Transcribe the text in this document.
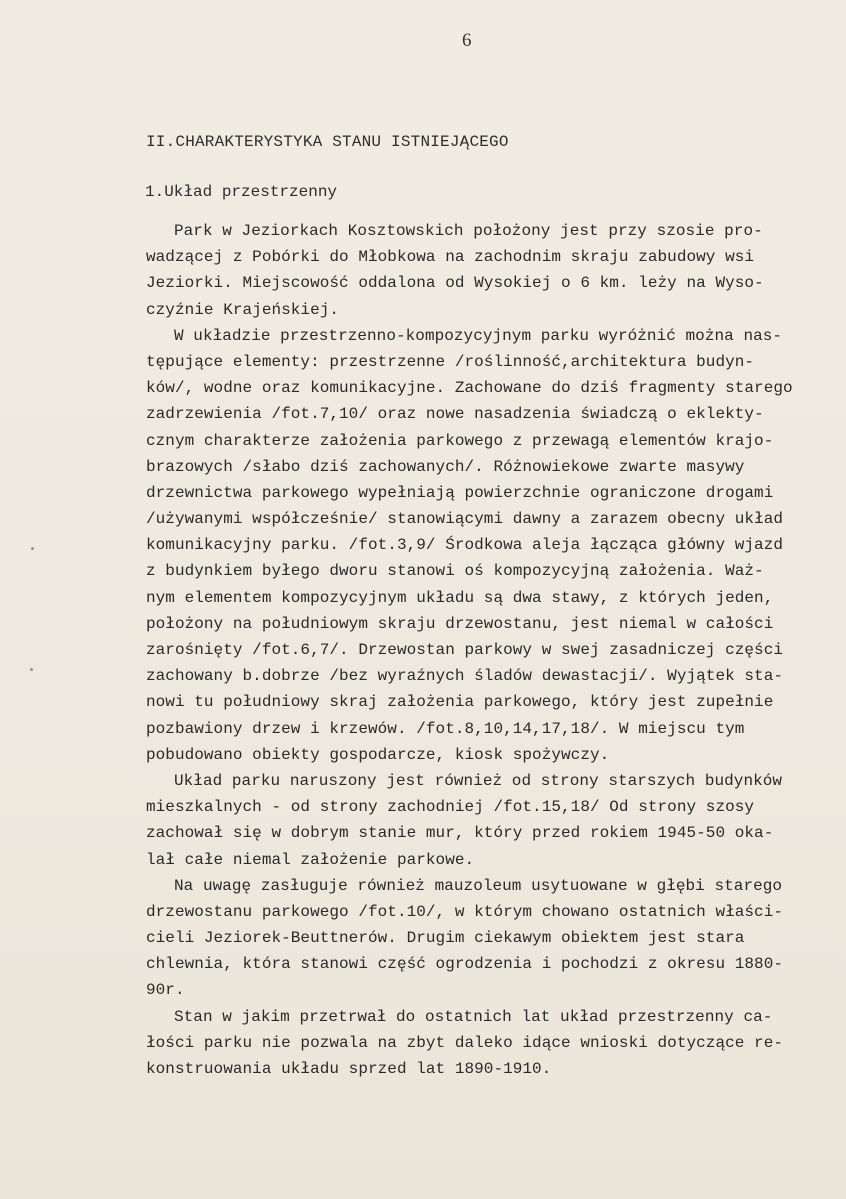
6
II.CHARAKTERYSTYKA STANU ISTNIEJĄCEGO
1.Układ przestrzenny
Park w Jeziorkach Kosztowskich położony jest przy szosie pro-
wadzącej z Pobórki do Młobkowa na zachodnim skraju zabudowy wsi
Jeziorki. Miejscowość oddalona od Wysokiej o 6 km. leży na Wyso-
czyźnie Krajeńskiej.
W układzie przestrzenno-kompozycyjnym parku wyróżnić można nas-
tępujące elementy: przestrzenne /roślinność,architektura budyn-
ków/, wodne oraz komunikacyjne. Zachowane do dziś fragmenty starego
zadrzewienia /fot.7,10/ oraz nowe nasadzenia świadczą o eklekty-
cznym charakterze założenia parkowego z przewagą elementów krajo-
brazowych /słabo dziś zachowanych/. Różnowiekowe zwarte masywy
drzewnictwa parkowego wypełniają powierzchnie ograniczone drogami
/używanymi współcześnie/ stanowiącymi dawny a zarazem obecny układ
komunikacyjny parku. /fot.3,9/ Środkowa aleja łącząca główny wjazd
z budynkiem byłego dworu stanowi oś kompozycyjną założenia. Waż-
nym elementem kompozycyjnym układu są dwa stawy, z których jeden,
położony na południowym skraju drzewostanu, jest niemal w całości
zarośnięty /fot.6,7/. Drzewostan parkowy w swej zasadniczej części
zachowany b.dobrze /bez wyraźnych śladów dewastacji/. Wyjątek sta-
nowi tu południowy skraj założenia parkowego, który jest zupełnie
pozbawiony drzew i krzewów. /fot.8,10,14,17,18/. W miejscu tym
pobudowano obiekty gospodarcze, kiosk spożywczy.
Układ parku naruszony jest również od strony starszych budynków
mieszkalnych - od strony zachodniej /fot.15,18/ Od strony szosy
zachował się w dobrym stanie mur, który przed rokiem 1945-50 oka-
lał całe niemal założenie parkowe.
Na uwagę zasługuje również mauzoleum usytuowane w głębi starego
drzewostanu parkowego /fot.10/, w którym chowano ostatnich właści-
cieli Jeziorek-Beuttnerów. Drugim ciekawym obiektem jest stara
chlewnia, która stanowi część ogrodzenia i pochodzi z okresu 1880-
90r.
Stan w jakim przetrwał do ostatnich lat układ przestrzenny ca-
łości parku nie pozwala na zbyt daleko idące wnioski dotyczące re-
konstruowania układu sprzed lat 1890-1910.
